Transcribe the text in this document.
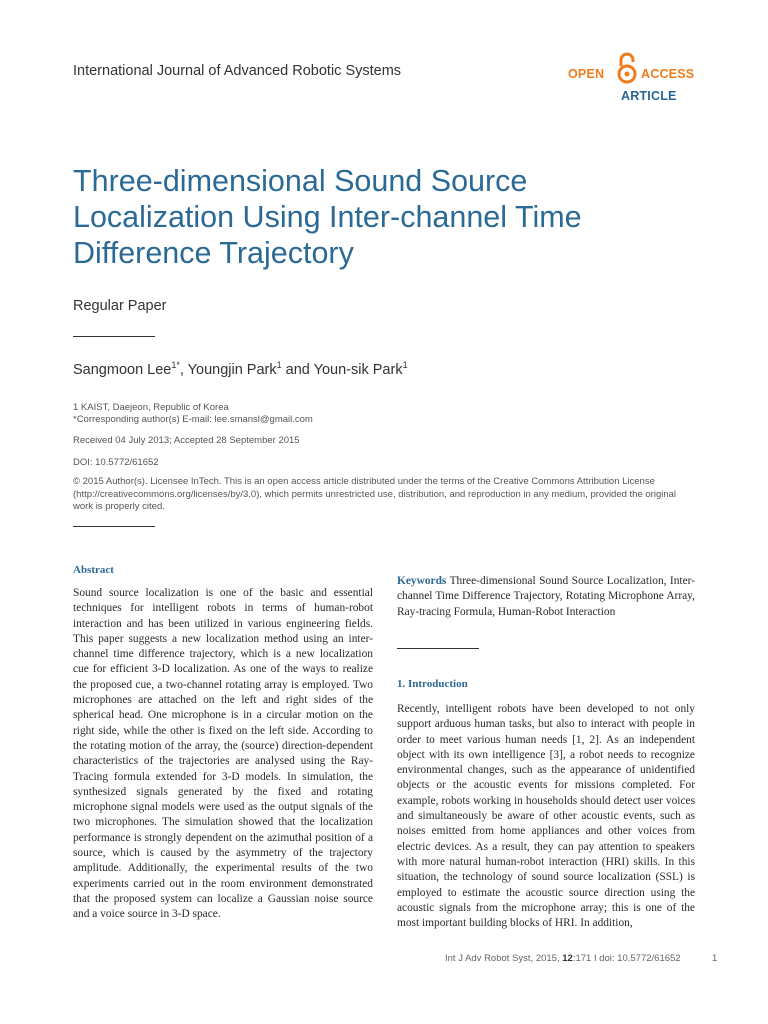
International Journal of Advanced Robotic Systems	OPEN	ACCESS
ARTICLE
Three-dimensional Sound Source Localization Using Inter-channel Time Difference Trajectory
Regular Paper
Sangmoon Lee$^{1*}$, Youngjin Park$^1$ and Youn-sik Park$^1$
1 KAIST, Daejeon, Republic of Korea
*Corresponding author(s) E-mail: lee.smansl@gmail.com
Received 04 July 2013; Accepted 28 September 2015
DOI: 10.5772/61652
© 2015 Author(s). Licensee InTech. This is an open access article distributed under the terms of the Creative Commons Attribution License (http://creativecommons.org/licenses/by/3.0), which permits unrestricted use, distribution, and reproduction in any medium, provided the original work is properly cited.
Abstract

Sound source localization is one of the basic and essential techniques for intelligent robots in terms of human-robot interaction and has been utilized in various engineering fields. This paper suggests a new localization method using an inter-channel time difference trajectory, which is a new localization cue for efficient 3-D localization. As one of the ways to realize the proposed cue, a two-channel rotating array is employed. Two microphones are attached on the left and right sides of the spherical head. One microphone is in a circular motion on the right side, while the other is fixed on the left side. According to the rotating motion of the array, the (source) direction-dependent characteristics of the trajectories are analysed using the Ray-Tracing formula extended for 3-D models. In simulation, the synthesized signals generated by the fixed and rotating microphone signal models were used as the output signals of the two microphones. The simulation showed that the localization performance is strongly dependent on the azimuthal position of a source, which is caused by the asymmetry of the trajectory amplitude. Additionally, the experimental results of the two experiments carried out in the room environment demonstrated that the proposed system can localize a Gaussian noise source and a voice source in 3-D space.

Keywords Three-dimensional Sound Source Localization, Inter-channel Time Difference Trajectory, Rotating Microphone Array, Ray-tracing Formula, Human-Robot Interaction

1. Introduction

Recently, intelligent robots have been developed to not only support arduous human tasks, but also to interact with people in order to meet various human needs [1, 2]. As an independent object with its own intelligence [3], a robot needs to recognize environmental changes, such as the appearance of unidentified objects or the acoustic events for missions completed. For example, robots working in households should detect user voices and simultaneously be aware of other acoustic events, such as noises emitted from home appliances and other voices from electric devices. As a result, they can pay attention to speakers with more natural human-robot interaction (HRI) skills. In this situation, the technology of sound source localization (SSL) is employed to estimate the acoustic source direction using the acoustic signals from the microphone array; this is one of the most important building blocks of HRI. In addition,

Int J Adv Robot Syst, 2015, 12:171 I doi: 10.5772/61652	1
